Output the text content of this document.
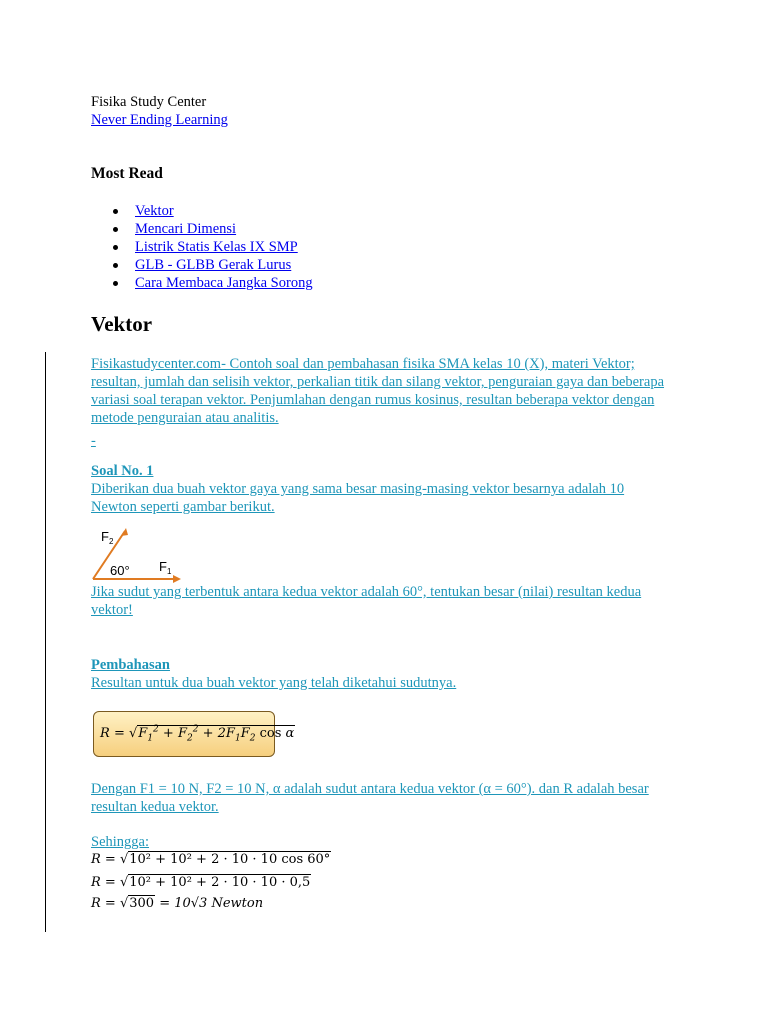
Fisika Study Center
Never Ending Learning
Most Read
Vektor
Mencari Dimensi
Listrik Statis Kelas IX SMP
GLB - GLBB Gerak Lurus
Cara Membaca Jangka Sorong
Vektor
Fisikastudycenter.com- Contoh soal dan pembahasan fisika SMA kelas 10 (X), materi Vektor; resultan, jumlah dan selisih vektor, perkalian titik dan silang vektor, penguraian gaya dan beberapa variasi soal terapan vektor. Penjumlahan dengan rumus kosinus, resultan beberapa vektor dengan metode penguraian atau analitis.
-
Soal No. 1
Diberikan dua buah vektor gaya yang sama besar masing-masing vektor besarnya adalah 10 Newton seperti gambar berikut.
$F_2$
60° $F_1$
Jika sudut yang terbentuk antara kedua vektor adalah 60°, tentukan besar (nilai) resultan kedua vektor!
Pembahasan
Resultan untuk dua buah vektor yang telah diketahui sudutnya.
$R = √F_1^2 + F_2^2 + 2F_1F_2$ cos α
Dengan F1 = 10 N, F2 = 10 N, α adalah sudut antara kedua vektor (α = 60°). dan R adalah besar resultan kedua vektor.
Sehingga:
R = √10² + 10² + 2 · 10 · 10 cos 60°
R = √10² + 10² + 2 · 10 · 10 · 0,5
R = √300 = 10√3 Newton
